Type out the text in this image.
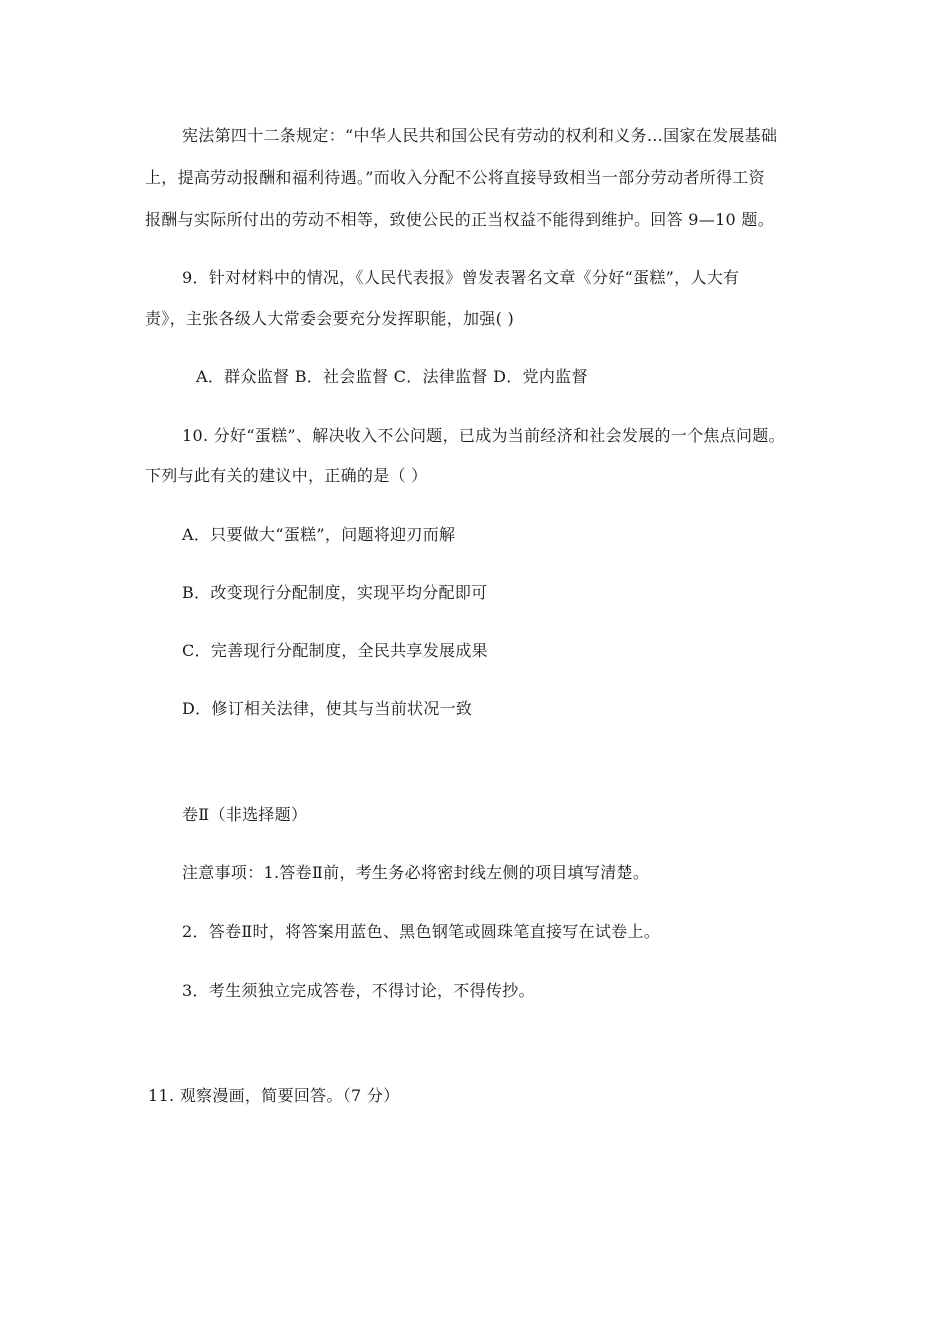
宪法第四十二条规定：“中华人民共和国公民有劳动的权利和义务…国家在发展基础
上，提高劳动报酬和福利待遇。”而收入分配不公将直接导致相当一部分劳动者所得工资
报酬与实际所付出的劳动不相等，致使公民的正当权益不能得到维护。回答 9—10 题。
9．针对材料中的情况，《人民代表报》曾发表署名文章《分好“蛋糕”，人大有
责》，主张各级人大常委会要充分发挥职能，加强( )
A．群众监督 B．社会监督 C．法律监督 D．党内监督
10. 分好“蛋糕”、解决收入不公问题，已成为当前经济和社会发展的一个焦点问题。
下列与此有关的建议中，正确的是（ ）
A．只要做大“蛋糕”，问题将迎刃而解
B．改变现行分配制度，实现平均分配即可
C．完善现行分配制度，全民共享发展成果
D．修订相关法律，使其与当前状况一致
卷Ⅱ（非选择题）
注意事项：1.答卷Ⅱ前，考生务必将密封线左侧的项目填写清楚。
2．答卷Ⅱ时，将答案用蓝色、黑色钢笔或圆珠笔直接写在试卷上。
3．考生须独立完成答卷，不得讨论，不得传抄。
11. 观察漫画，简要回答。（7 分）
